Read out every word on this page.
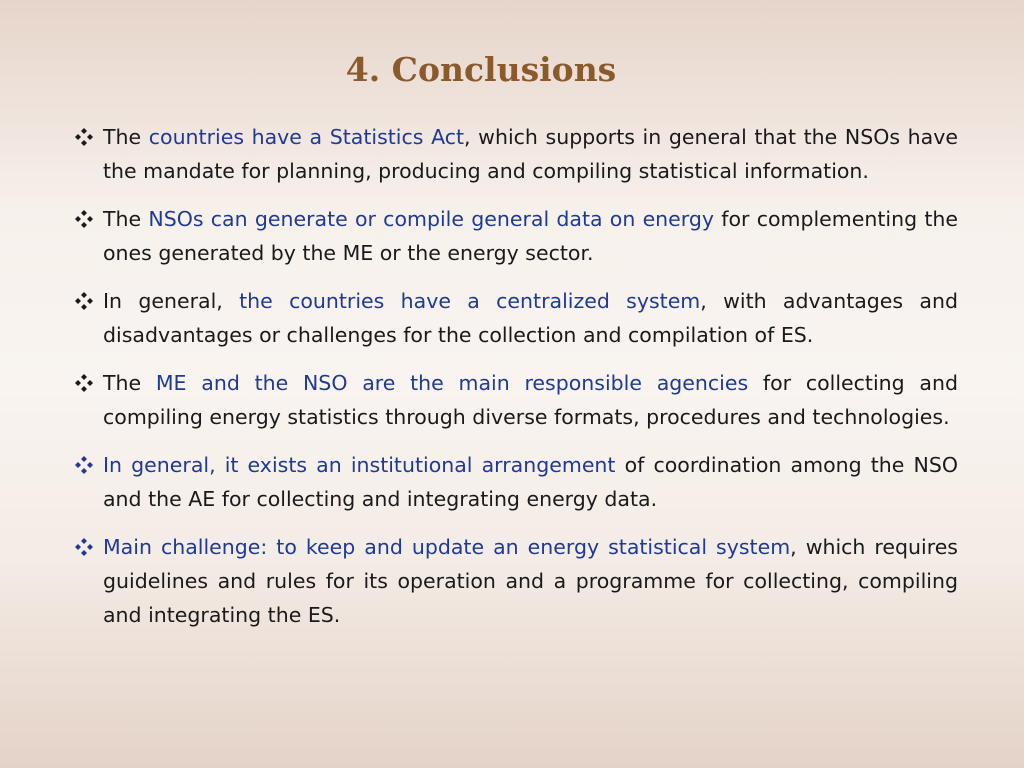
4. Conclusions
The countries have a Statistics Act, which supports in general that the NSOs have the mandate for planning, producing and compiling statistical information.
The NSOs can generate or compile general data on energy for complementing the ones generated by the ME or the energy sector.
In general, the countries have a centralized system, with advantages and disadvantages or challenges for the collection and compilation of ES.
The ME and the NSO are the main responsible agencies for collecting and compiling energy statistics through diverse formats, procedures and technologies.
In general, it exists an institutional arrangement of coordination among the NSO and the AE for collecting and integrating energy data.
Main challenge: to keep and update an energy statistical system, which requires guidelines and rules for its operation and a programme for collecting, compiling and integrating the ES.
